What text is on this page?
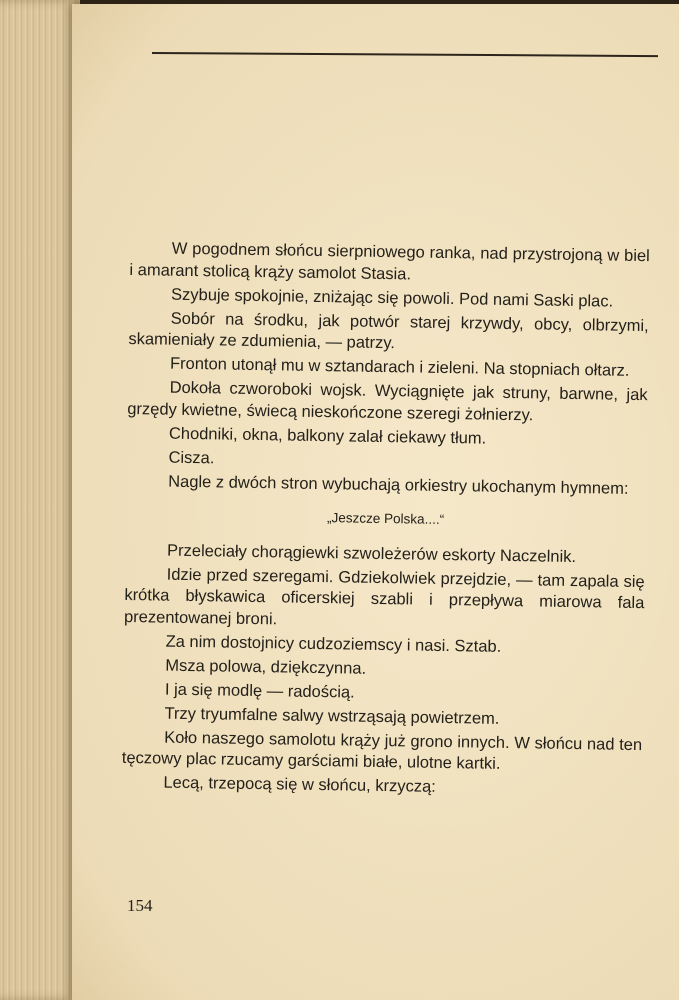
W pogodnem słońcu sierpniowego ranka, nad przystrojoną w biel i amarant stolicą krąży samolot Stasia.

Szybuje spokojnie, zniżając się powoli. Pod nami Saski plac.

Sobór na środku, jak potwór starej krzywdy, obcy, olbrzymi, skamieniały ze zdumienia, — patrzy.

Fronton utonął mu w sztandarach i zieleni. Na stopniach ołtarz.

Dokoła czworoboki wojsk. Wyciągnięte jak struny, barwne, jak grzędy kwietne, świecą nieskończone szeregi żołnierzy.

Chodniki, okna, balkony zalał ciekawy tłum.

Cisza.

Nagle z dwóch stron wybuchają orkiestry ukochanym hymnem:

„Jeszcze Polska....“

Przeleciały chorągiewki szwoleżerów eskorty Naczelnik.

Idzie przed szeregami. Gdziekolwiek przejdzie, — tam zapala się krótka błyskawica oficerskiej szabli i przepływa miarowa fala prezentowanej broni.

Za nim dostojnicy cudzoziemscy i nasi. Sztab.

Msza polowa, dziękczynna.

I ja się modlę — radością.

Trzy tryumfalne salwy wstrząsają powietrzem.

Koło naszego samolotu krąży już grono innych. W słońcu nad ten tęczowy plac rzucamy garściami białe, ulotne kartki.

Lecą, trzepocą się w słońcu, krzyczą:

154
